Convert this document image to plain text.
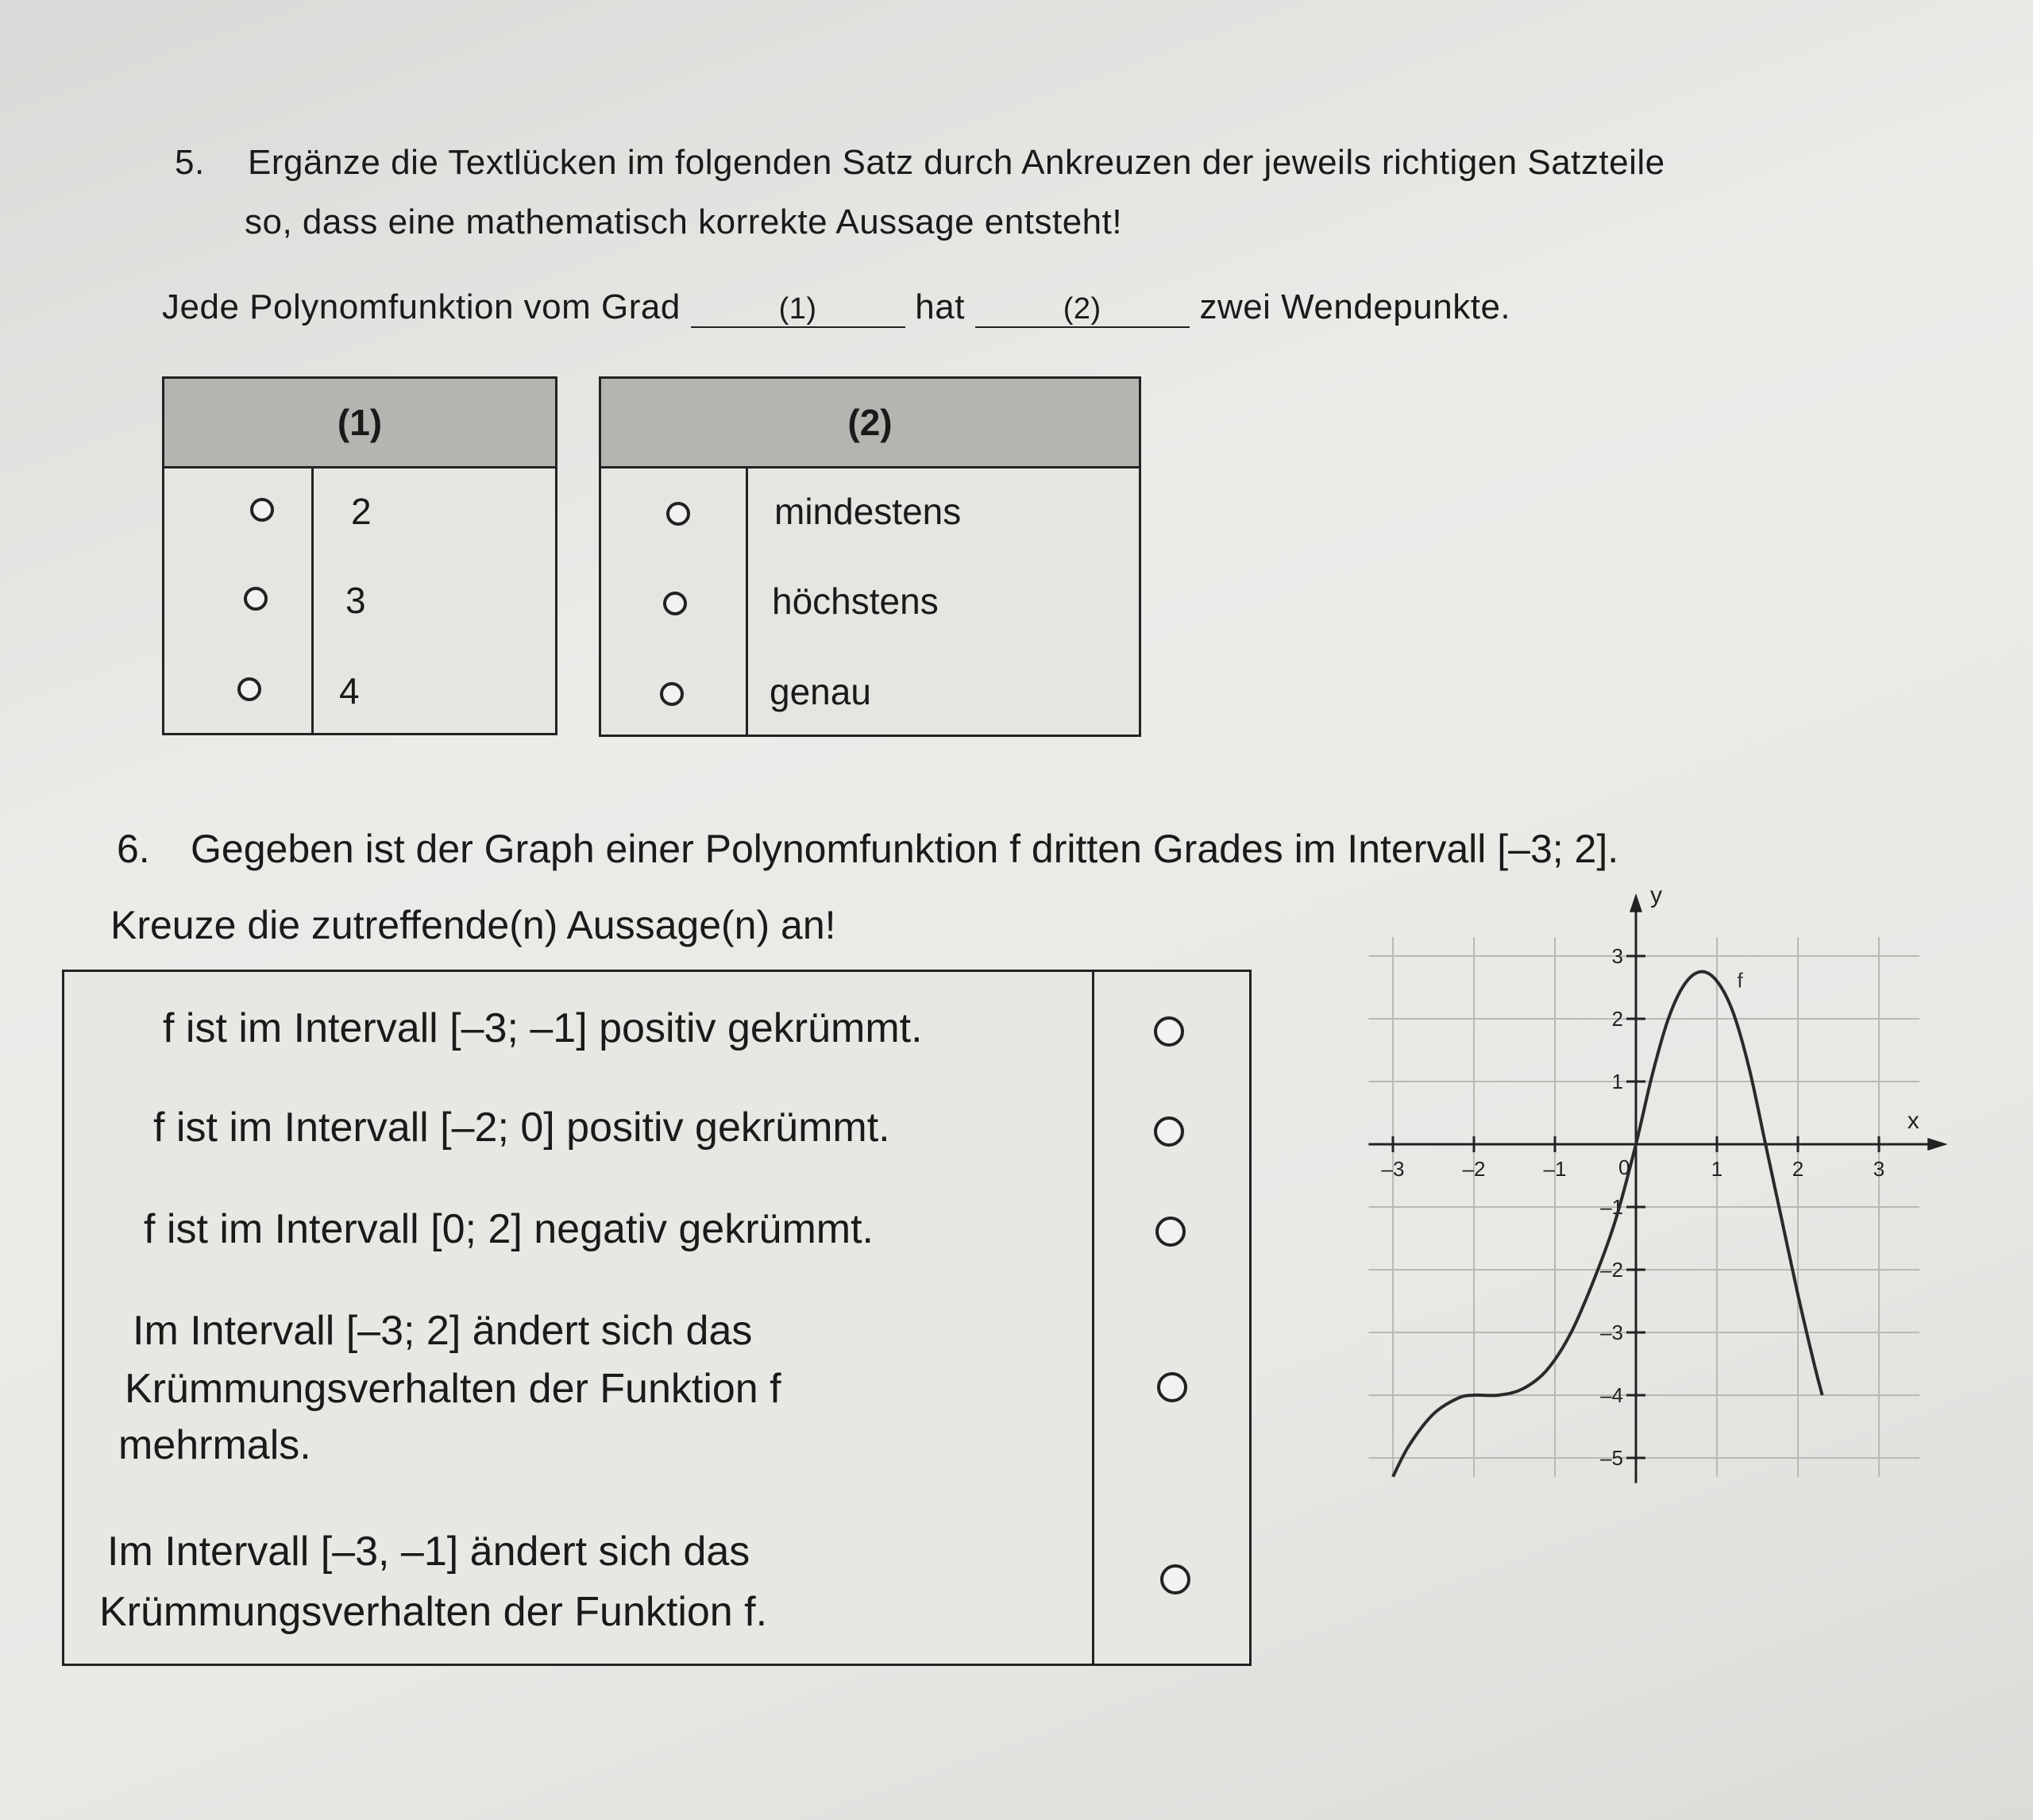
5. Ergänze die Textlücken im folgenden Satz durch Ankreuzen der jeweils richtigen Satzteile
so, dass eine mathematisch korrekte Aussage entsteht!
Jede Polynomfunktion vom Grad	(1)	hat	(2)	zwei Wendepunkte.
(1)
2
3
4
(2)
mindestens
höchstens
genau
6. Gegeben ist der Graph einer Polynomfunktion f dritten Grades im Intervall [–3; 2].
Kreuze die zutreffende(n) Aussage(n) an!
f ist im Intervall [–3; –1] positiv gekrümmt.
f ist im Intervall [–2; 0] positiv gekrümmt.
f ist im Intervall [0; 2] negativ gekrümmt.
Im Intervall [–3; 2] ändert sich das
Krümmungsverhalten der Funktion f
mehrmals.
Im Intervall [–3, –1] ändert sich das
Krümmungsverhalten der Funktion f.
–3	–2	–1	1	2	3
3
2
1
–1
–2
–3
–4
–5
f
x
y
0
